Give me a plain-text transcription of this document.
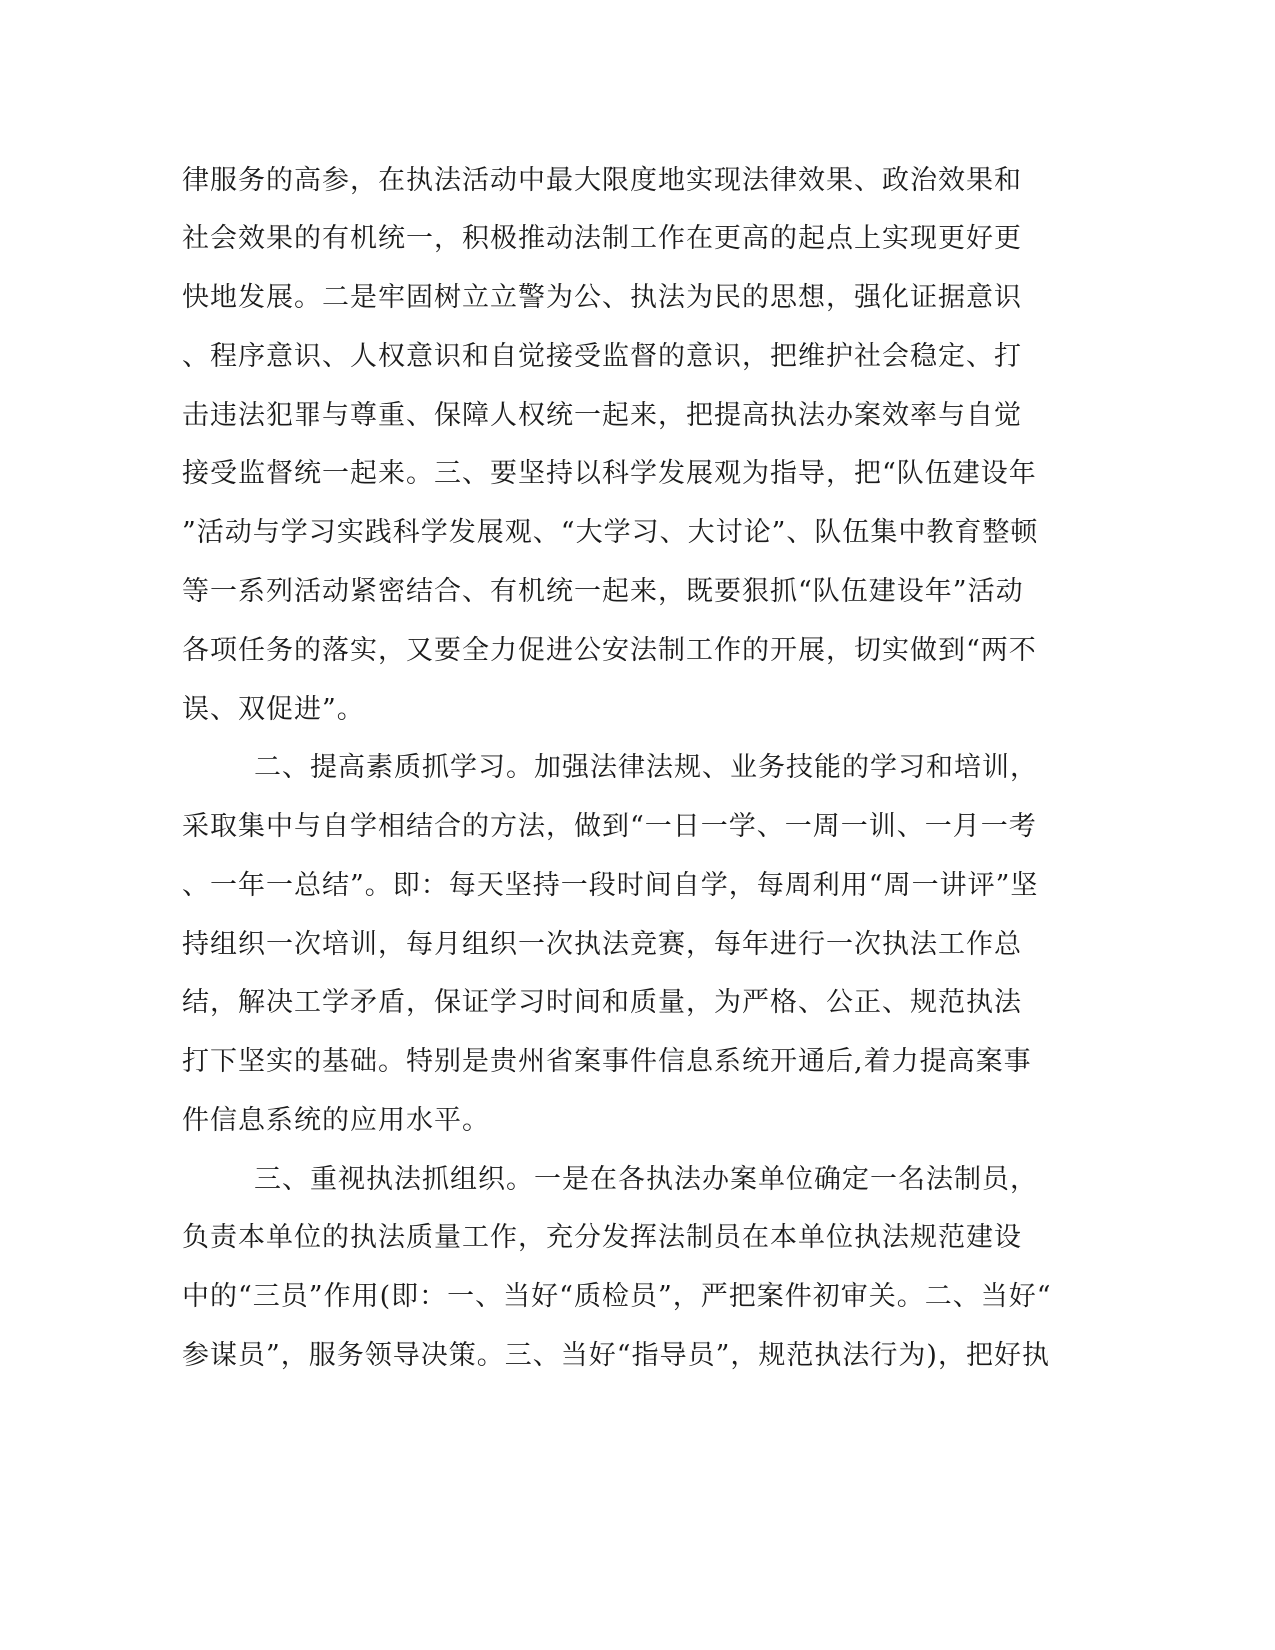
律服务的高参，在执法活动中最大限度地实现法律效果、政治效果和
社会效果的有机统一，积极推动法制工作在更高的起点上实现更好更
快地发展。二是牢固树立立警为公、执法为民的思想，强化证据意识
、程序意识、人权意识和自觉接受监督的意识，把维护社会稳定、打
击违法犯罪与尊重、保障人权统一起来，把提高执法办案效率与自觉
接受监督统一起来。三、要坚持以科学发展观为指导，把“队伍建设年
”活动与学习实践科学发展观、“大学习、大讨论”、队伍集中教育整顿
等一系列活动紧密结合、有机统一起来，既要狠抓“队伍建设年”活动
各项任务的落实，又要全力促进公安法制工作的开展，切实做到“两不
误、双促进”。
二、提高素质抓学习。加强法律法规、业务技能的学习和培训，
采取集中与自学相结合的方法，做到“一日一学、一周一训、一月一考
、一年一总结”。即：每天坚持一段时间自学，每周利用“周一讲评”坚
持组织一次培训，每月组织一次执法竞赛，每年进行一次执法工作总
结，解决工学矛盾，保证学习时间和质量，为严格、公正、规范执法
打下坚实的基础。特别是贵州省案事件信息系统开通后,着力提高案事
件信息系统的应用水平。
三、重视执法抓组织。一是在各执法办案单位确定一名法制员，
负责本单位的执法质量工作，充分发挥法制员在本单位执法规范建设
中的“三员”作用(即：一、当好“质检员”，严把案件初审关。二、当好“
参谋员”，服务领导决策。三、当好“指导员”，规范执法行为)，把好执
